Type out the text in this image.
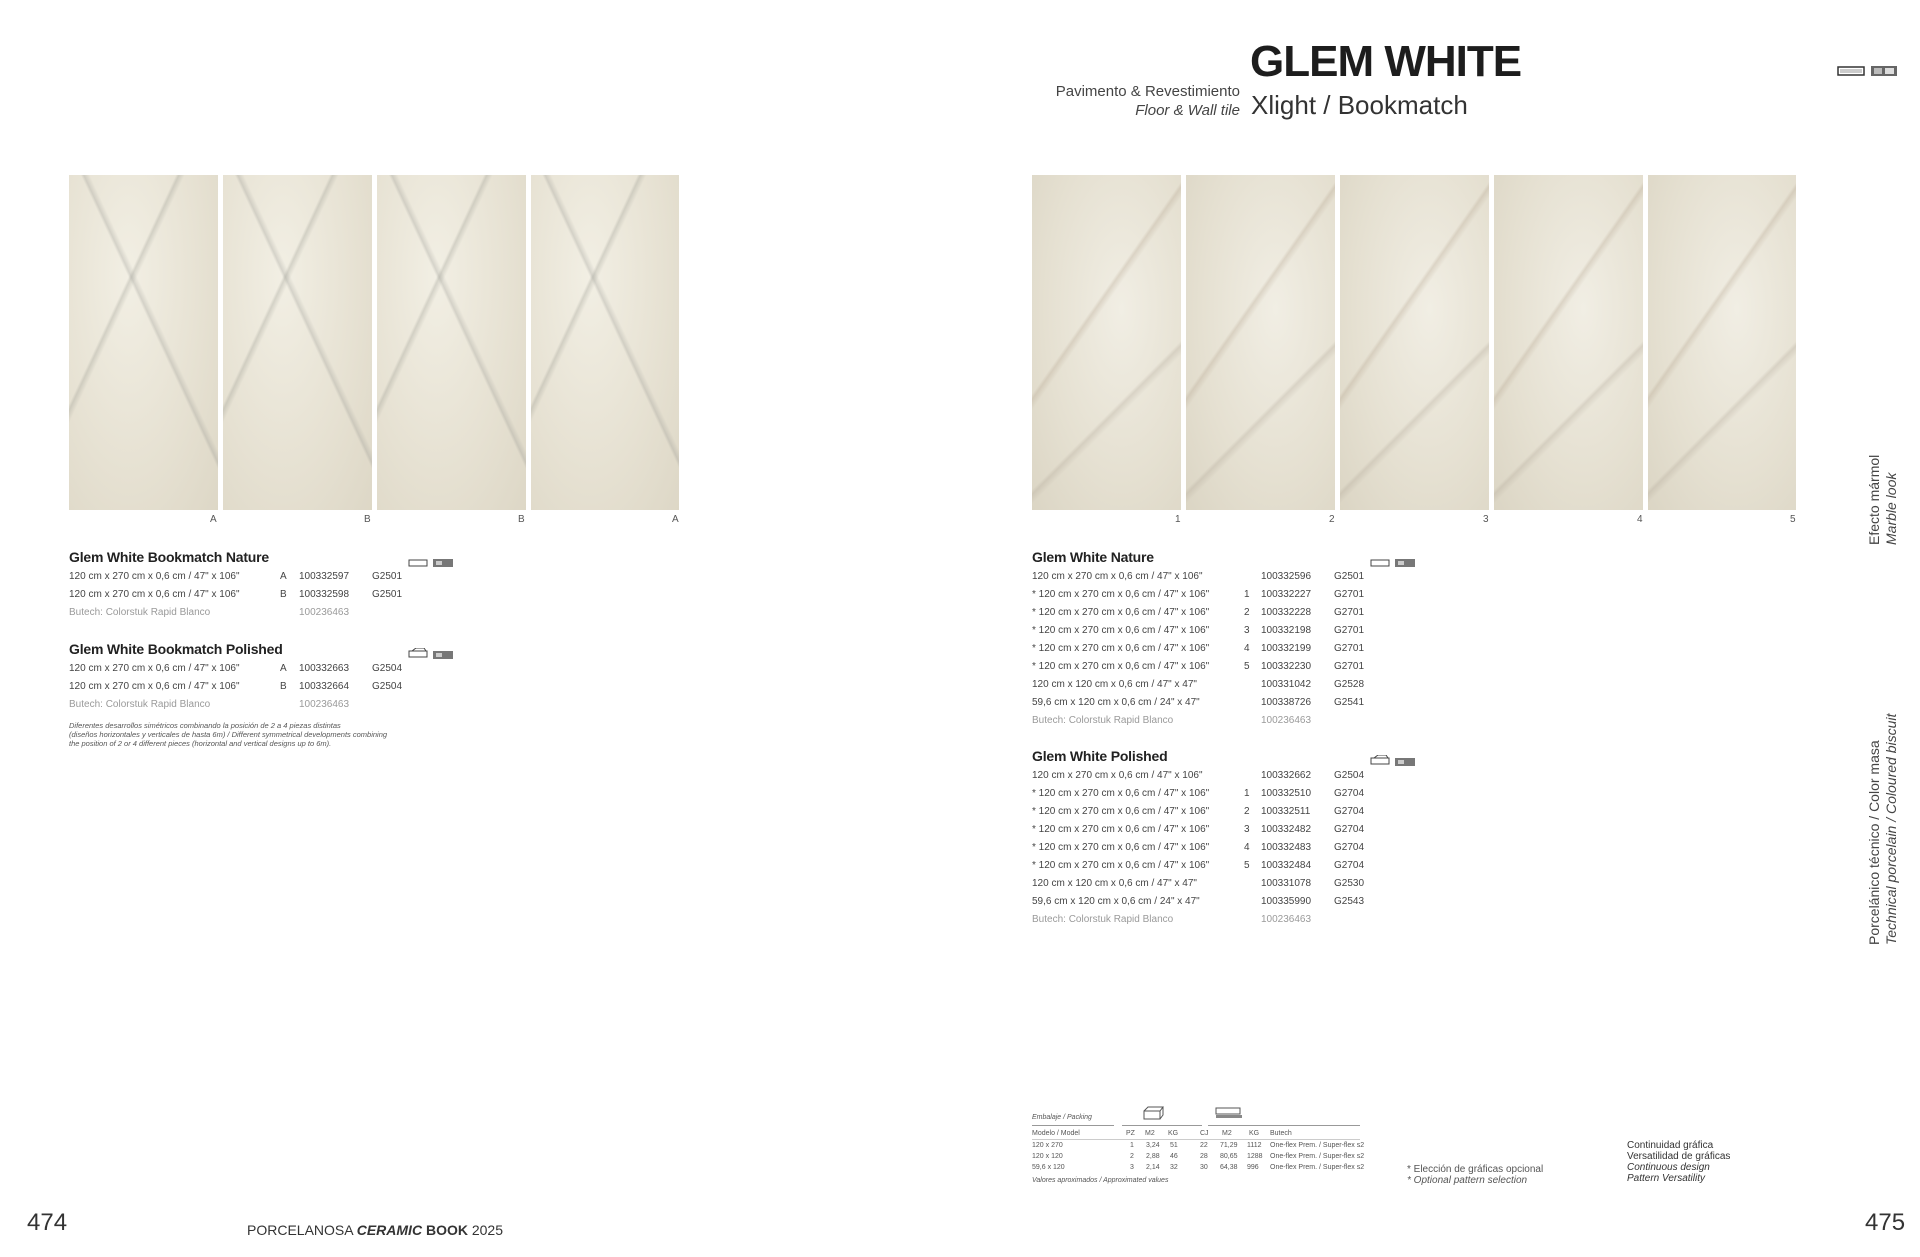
Pavimento & Revestimiento
Floor & Wall tile
GLEM WHITE
Xlight / Bookmatch
A	B	B	A	1	2	3	4	5
Glem White Bookmatch Nature
120 cm x 270 cm x 0,6 cm / 47" x 106"	A 100332597 G2501
120 cm x 270 cm x 0,6 cm / 47" x 106"	B 100332598 G2501
Butech: Colorstuk Rapid Blanco	100236463
Glem White Bookmatch Polished
120 cm x 270 cm x 0,6 cm / 47" x 106"	A 100332663 G2504
120 cm x 270 cm x 0,6 cm / 47" x 106"	B 100332664 G2504
Butech: Colorstuk Rapid Blanco	100236463
Diferentes desarrollos simétricos combinando la posición de 2 a 4 piezas distintas
(diseños horizontales y verticales de hasta 6m) / Different symmetrical developments combining
the position of 2 or 4 different pieces (horizontal and vertical designs up to 6m).
Glem White Nature
120 cm x 270 cm x 0,6 cm / 47" x 106"	100332596 G2501
* 120 cm x 270 cm x 0,6 cm / 47" x 106"	1 100332227 G2701
* 120 cm x 270 cm x 0,6 cm / 47" x 106"	2 100332228 G2701
* 120 cm x 270 cm x 0,6 cm / 47" x 106"	3 100332198 G2701
* 120 cm x 270 cm x 0,6 cm / 47" x 106"	4 100332199 G2701
* 120 cm x 270 cm x 0,6 cm / 47" x 106"	5 100332230 G2701
120 cm x 120 cm x 0,6 cm / 47" x 47"	100331042 G2528
59,6 cm x 120 cm x 0,6 cm / 24" x 47"	100338726 G2541
Butech: Colorstuk Rapid Blanco	100236463
Glem White Polished
120 cm x 270 cm x 0,6 cm / 47" x 106"	100332662 G2504
* 120 cm x 270 cm x 0,6 cm / 47" x 106"	1 100332510 G2704
* 120 cm x 270 cm x 0,6 cm / 47" x 106"	2 100332511 G2704
* 120 cm x 270 cm x 0,6 cm / 47" x 106"	3 100332482 G2704
* 120 cm x 270 cm x 0,6 cm / 47" x 106"	4 100332483 G2704
* 120 cm x 270 cm x 0,6 cm / 47" x 106"	5 100332484 G2704
120 cm x 120 cm x 0,6 cm / 47" x 47"	100331078 G2530
59,6 cm x 120 cm x 0,6 cm / 24" x 47"	100335990 G2543
Butech: Colorstuk Rapid Blanco	100236463
Embalaje / Packing
Modelo / Model	PZ M2 KG	CJ M2 KG Butech
120 x 270	1 3,24 51	22 71,29 1112 One-flex Prem. / Super-flex s2
120 x 120	2 2,88 46	28 80,65 1288 One-flex Prem. / Super-flex s2
59,6 x 120	3 2,14 32	30 64,38 996 One-flex Prem. / Super-flex s2
Valores aproximados / Approximated values
* Elección de gráficas opcional
* Optional pattern selection
Continuidad gráfica
Versatilidad de gráficas
Continuous design
Pattern Versatility
Efecto mármol Marble look
Porcelánico técnico / Color masa Technical porcelain / Coloured biscuit
474	PORCELANOSA CERAMIC BOOK 2025	475
